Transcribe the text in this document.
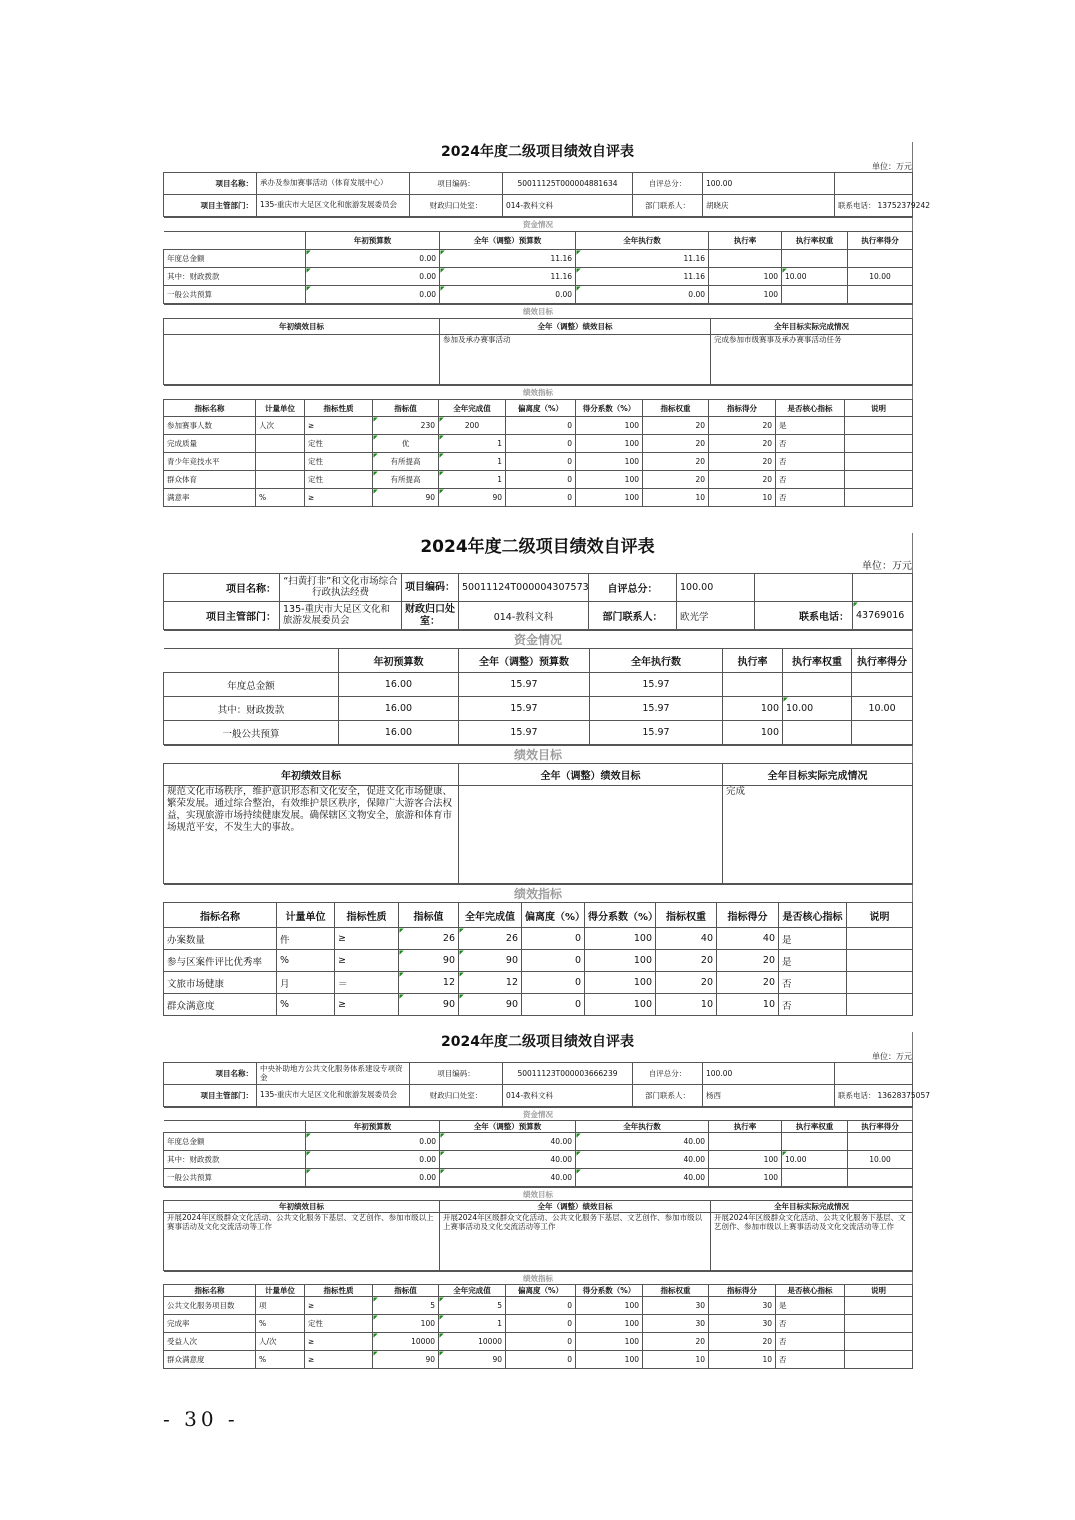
2024年度二级项目绩效自评表
单位：万元
项目名称：	承办及参加赛事活动（体育发展中心）	项目编码：	50011125T000004881634	自评总分：	100.00	
项目主管部门：	135-重庆市大足区文化和旅游发展委员会	财政归口处室：	014-教科文科	部门联系人：	胡晓庆	联系电话： 13752379242
资金情况						
	年初预算数	全年（调整）预算数	全年执行数	执行率	执行率权重	执行率得分
年度总金额	0.00	11.16	11.16			
其中：财政拨款	0.00	11.16	11.16	100	10.00	10.00
一般公共预算	0.00	0.00	0.00	100		
绩效目标		
年初绩效目标	全年（调整）绩效目标	全年目标实际完成情况
	参加及承办赛事活动	完成参加市级赛事及承办赛事活动任务
绩效指标										
指标名称	计量单位	指标性质	指标值	全年完成值	偏离度（%）	得分系数（%）	指标权重	指标得分	是否核心指标	说明
参加赛事人数	人次	≥	230	200	0	100	20	20	是	
完成质量		定性	优	1	0	100	20	20	否	
青少年竞技水平		定性	有所提高	1	0	100	20	20	否	
群众体育		定性	有所提高	1	0	100	20	20	否	
满意率	%	≥	90	90	0	100	10	10	否	
2024年度二级项目绩效自评表
单位：万元
项目名称：	“扫黄打非”和文化市场综合行政执法经费	项目编码：	50011124T000004307573	自评总分：	100.00		
项目主管部门：	135-重庆市大足区文化和旅游发展委员会	财政归口处室：	014-教科文科	部门联系人：	欧光学	联系电话：	43769016
资金情况						
	年初预算数	全年（调整）预算数	全年执行数	执行率	执行率权重	执行率得分
年度总金额	16.00	15.97	15.97			
其中：财政拨款	16.00	15.97	15.97	100	10.00	10.00
一般公共预算	16.00	15.97	15.97	100		
绩效目标		
年初绩效目标	全年（调整）绩效目标	全年目标实际完成情况
规范文化市场秩序，维护意识形态和文化安全，促进文化市场健康、繁荣发展。通过综合整治，有效维护景区秩序，保障广大游客合法权益，实现旅游市场持续健康发展。确保辖区文物安全，旅游和体育市场规范平安，不发生大的事故。		完成
绩效指标										
指标名称	计量单位	指标性质	指标值	全年完成值	偏离度（%）	得分系数（%）	指标权重	指标得分	是否核心指标	说明
办案数量	件	≥	26	26	0	100	40	40	是	
参与区案件评比优秀率	%	≥	90	90	0	100	20	20	是	
文旅市场健康	月	＝	12	12	0	100	20	20	否	
群众满意度	%	≥	90	90	0	100	10	10	否	
2024年度二级项目绩效自评表
单位：万元
项目名称：	中央补助地方公共文化服务体系建设专项资金	项目编码：	50011123T000003666239	自评总分：	100.00	
项目主管部门：	135-重庆市大足区文化和旅游发展委员会	财政归口处室：	014-教科文科	部门联系人：	杨西	联系电话： 13628375057
资金情况						
	年初预算数	全年（调整）预算数	全年执行数	执行率	执行率权重	执行率得分
年度总金额	0.00	40.00	40.00			
其中：财政拨款	0.00	40.00	40.00	100	10.00	10.00
一般公共预算	0.00	40.00	40.00	100		
绩效目标		
年初绩效目标	全年（调整）绩效目标	全年目标实际完成情况
开展2024年区级群众文化活动、公共文化服务下基层、文艺创作、参加市级以上赛事活动及文化交流活动等工作	开展2024年区级群众文化活动、公共文化服务下基层、文艺创作、参加市级以上赛事活动及文化交流活动等工作	开展2024年区级群众文化活动、公共文化服务下基层、文艺创作、参加市级以上赛事活动及文化交流活动等工作
绩效指标										
指标名称	计量单位	指标性质	指标值	全年完成值	偏离度（%）	得分系数（%）	指标权重	指标得分	是否核心指标	说明
公共文化服务项目数	项	≥	5	5	0	100	30	30	是	
完成率	%	定性	100	1	0	100	30	30	否	
受益人次	人/次	≥	10000	10000	0	100	20	20	否	
群众满意度	%	≥	90	90	0	100	10	10	否	
- 30 -
